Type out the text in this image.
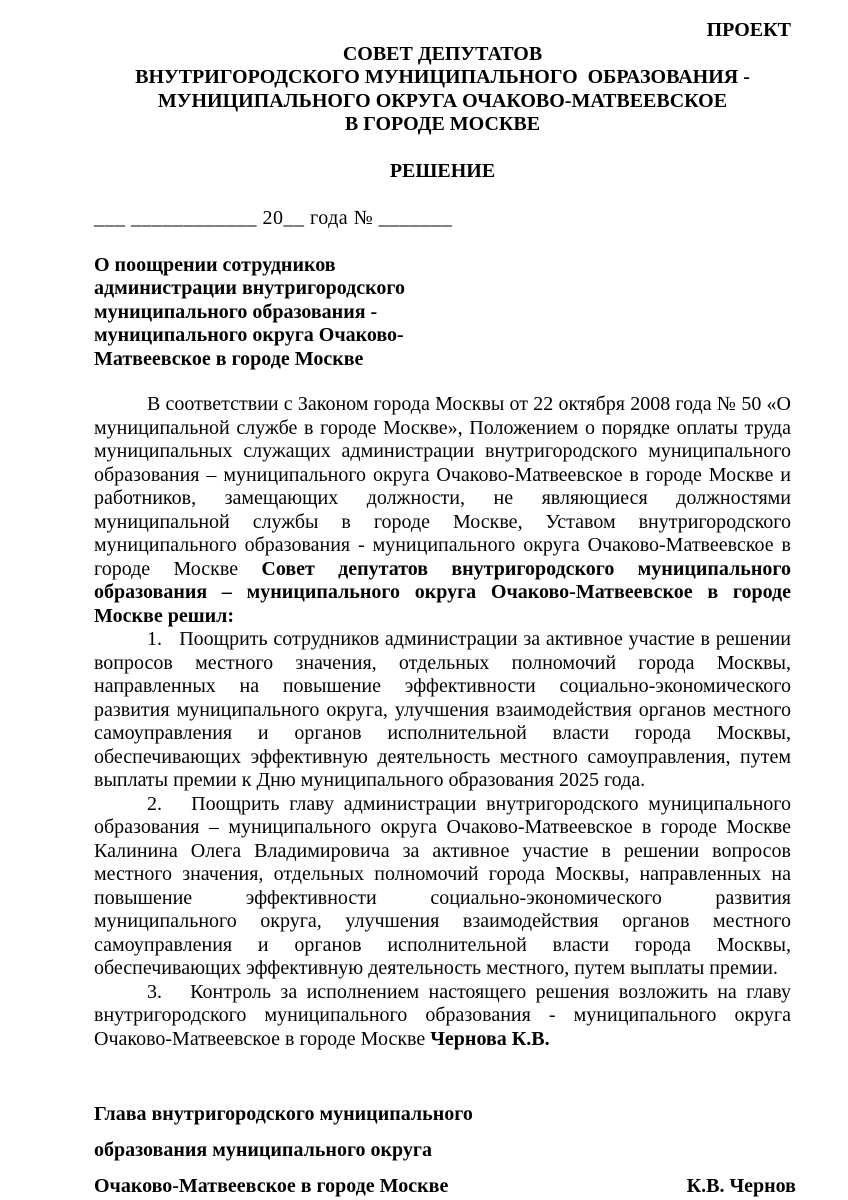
ПРОЕКТ
СОВЕТ ДЕПУТАТОВ
ВНУТРИГОРОДСКОГО МУНИЦИПАЛЬНОГО  ОБРАЗОВАНИЯ -
МУНИЦИПАЛЬНОГО ОКРУГА ОЧАКОВО-МАТВЕЕВСКОЕ
В ГОРОДЕ МОСКВЕ
РЕШЕНИЕ
___ ____________ 20__ года № _______
О поощрении сотрудников
администрации внутригородского
муниципального образования -
муниципального округа Очаково-
Матвеевское в городе Москве

В соответствии с Законом города Москвы от 22 октября 2008 года № 50 «О муниципальной службе в городе Москве», Положением о порядке оплаты труда муниципальных служащих администрации внутригородского муниципального образования – муниципального округа Очаково-Матвеевское в городе Москве и работников, замещающих должности, не являющиеся должностями муниципальной службы в городе Москве, Уставом внутригородского муниципального образования - муниципального округа Очаково-Матвеевское в городе Москве Совет депутатов внутригородского муниципального образования – муниципального округа Очаково-Матвеевское в городе Москве решил:

1.   Поощрить сотрудников администрации за активное участие в решении вопросов местного значения, отдельных полномочий города Москвы, направленных на повышение эффективности социально-экономического развития муниципального округа, улучшения взаимодействия органов местного самоуправления и органов исполнительной власти города Москвы, обеспечивающих эффективную деятельность местного самоуправления, путем выплаты премии к Дню муниципального образования 2025 года.

2.   Поощрить главу администрации внутригородского муниципального образования – муниципального округа Очаково-Матвеевское в городе Москве Калинина Олега Владимировича за активное участие в решении вопросов местного значения, отдельных полномочий города Москвы, направленных на повышение эффективности социально-экономического развития муниципального округа, улучшения взаимодействия органов местного самоуправления и органов исполнительной власти города Москвы, обеспечивающих эффективную деятельность местного, путем выплаты премии.

3.   Контроль за исполнением настоящего решения возложить на главу внутригородского муниципального образования - муниципального округа Очаково-Матвеевское в городе Москве Чернова К.В.

Глава внутригородского муниципального
образования муниципального округа
Очаково-Матвеевское в городе Москве	К.В. Чернов
